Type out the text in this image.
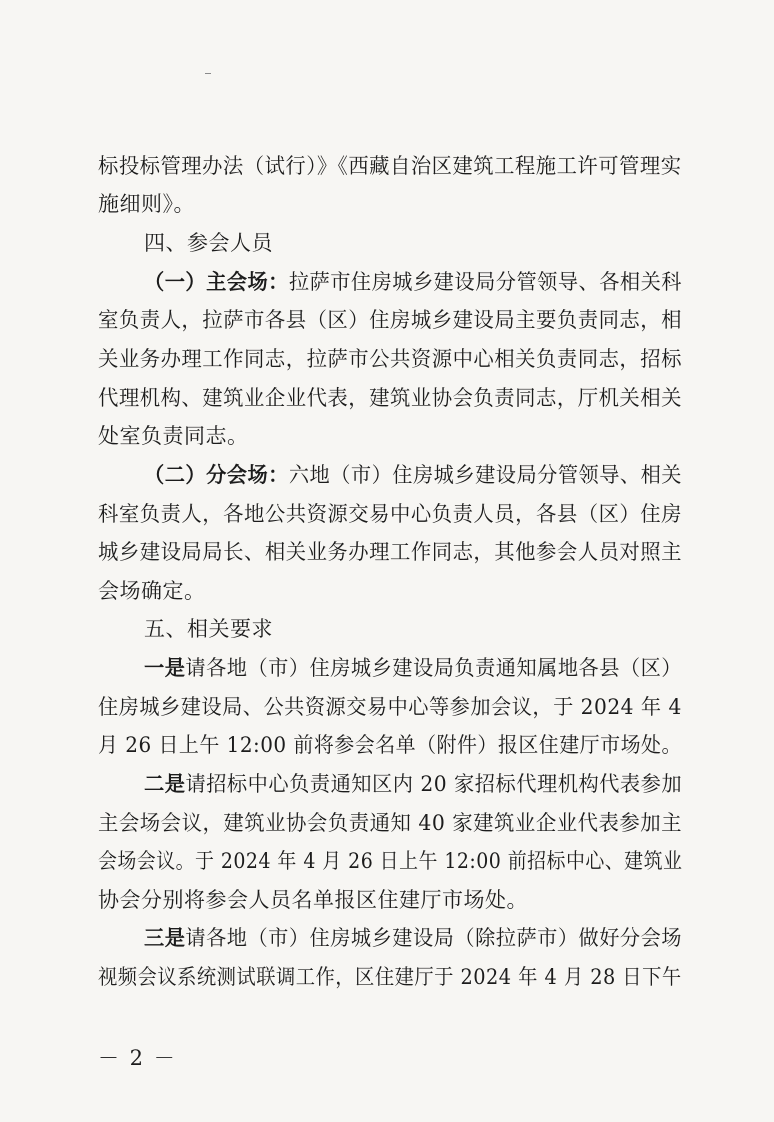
标投标管理办法（试行）》《西藏自治区建筑工程施工许可管理实
施细则》。
四、参会人员
（一）主会场：拉萨市住房城乡建设局分管领导、各相关科
室负责人，拉萨市各县（区）住房城乡建设局主要负责同志，相
关业务办理工作同志，拉萨市公共资源中心相关负责同志，招标
代理机构、建筑业企业代表，建筑业协会负责同志，厅机关相关
处室负责同志。
（二）分会场：六地（市）住房城乡建设局分管领导、相关
科室负责人，各地公共资源交易中心负责人员，各县（区）住房
城乡建设局局长、相关业务办理工作同志，其他参会人员对照主
会场确定。
五、相关要求
一是请各地（市）住房城乡建设局负责通知属地各县（区）
住房城乡建设局、公共资源交易中心等参加会议，于 2024 年 4
月 26 日上午 12:00 前将参会名单（附件）报区住建厅市场处。
二是请招标中心负责通知区内 20 家招标代理机构代表参加
主会场会议，建筑业协会负责通知 40 家建筑业企业代表参加主
会场会议。于 2024 年 4 月 26 日上午 12:00 前招标中心、建筑业
协会分别将参会人员名单报区住建厅市场处。
三是请各地（市）住房城乡建设局（除拉萨市）做好分会场
视频会议系统测试联调工作，区住建厅于 2024 年 4 月 28 日下午
－ 2 －
